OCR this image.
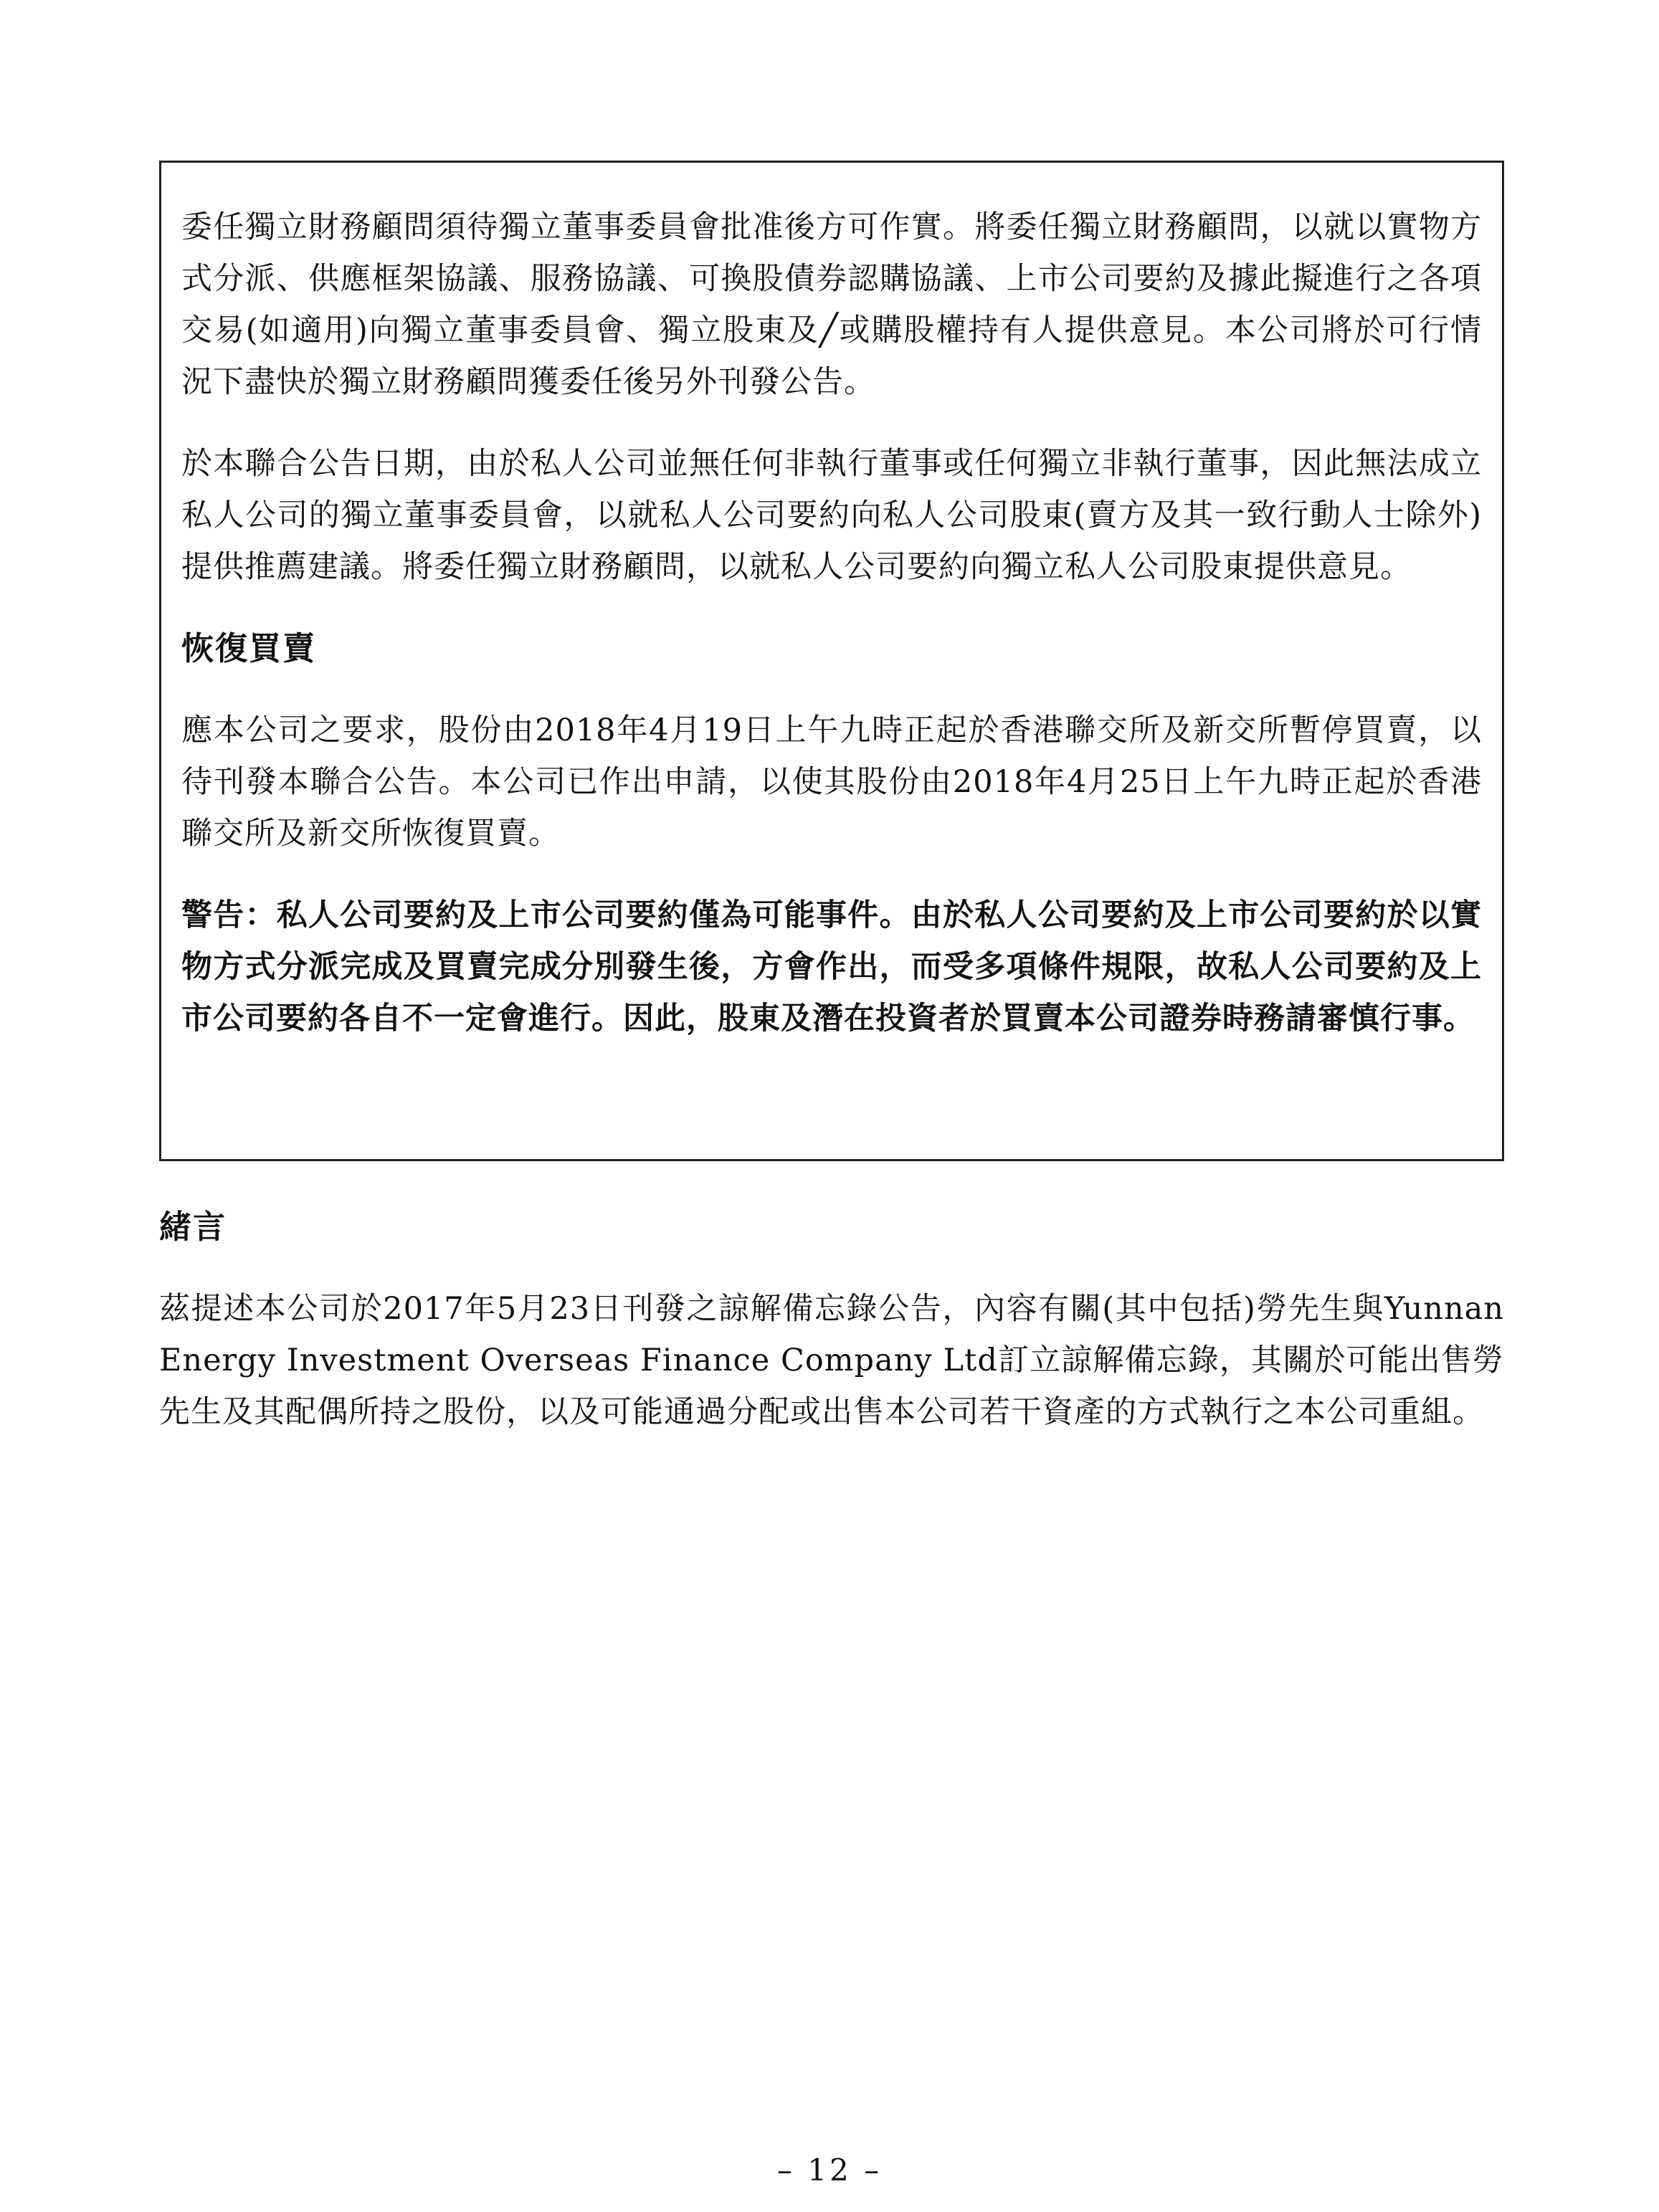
委任獨立財務顧問須待獨立董事委員會批准後方可作實。將委任獨立財務顧問，以就以實物方式分派、供應框架協議、服務協議、可換股債券認購協議、上市公司要約及據此擬進行之各項交易(如適用)向獨立董事委員會、獨立股東及╱或購股權持有人提供意見。本公司將於可行情況下盡快於獨立財務顧問獲委任後另外刊發公告。

於本聯合公告日期，由於私人公司並無任何非執行董事或任何獨立非執行董事，因此無法成立私人公司的獨立董事委員會，以就私人公司要約向私人公司股東(賣方及其一致行動人士除外)提供推薦建議。將委任獨立財務顧問，以就私人公司要約向獨立私人公司股東提供意見。

恢復買賣

應本公司之要求，股份由2018年4月19日上午九時正起於香港聯交所及新交所暫停買賣，以待刊發本聯合公告。本公司已作出申請，以使其股份由2018年4月25日上午九時正起於香港聯交所及新交所恢復買賣。

警告：私人公司要約及上市公司要約僅為可能事件。由於私人公司要約及上市公司要約於以實物方式分派完成及買賣完成分別發生後，方會作出，而受多項條件規限，故私人公司要約及上市公司要約各自不一定會進行。因此，股東及潛在投資者於買賣本公司證券時務請審慎行事。

緒言

茲提述本公司於2017年5月23日刊發之諒解備忘錄公告，內容有關(其中包括)勞先生與Yunnan Energy Investment Overseas Finance Company Ltd訂立諒解備忘錄，其關於可能出售勞先生及其配偶所持之股份，以及可能通過分配或出售本公司若干資產的方式執行之本公司重組。

– 12 –
